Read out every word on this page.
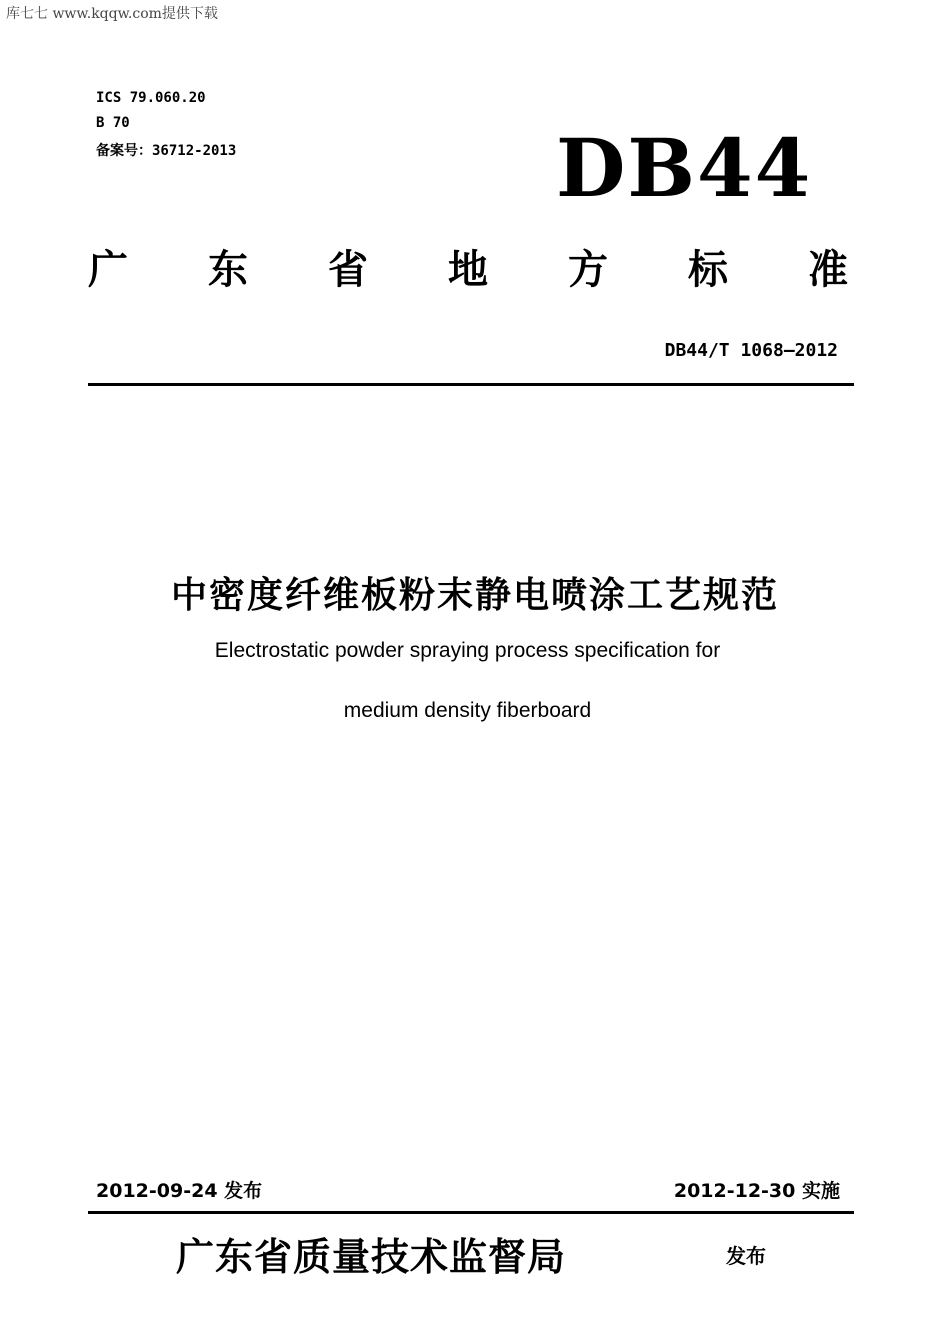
库七七 www.kqqw.com提供下载
ICS 79.060.20
B 70
备案号：36712-2013	DB44
广 东 省 地 方 标 准
DB44/T 1068—2012
中密度纤维板粉末静电喷涂工艺规范
Electrostatic powder spraying process specification for
medium density fiberboard
2012-09-24 发布	2012-12-30 实施
广东省质量技术监督局	发布
